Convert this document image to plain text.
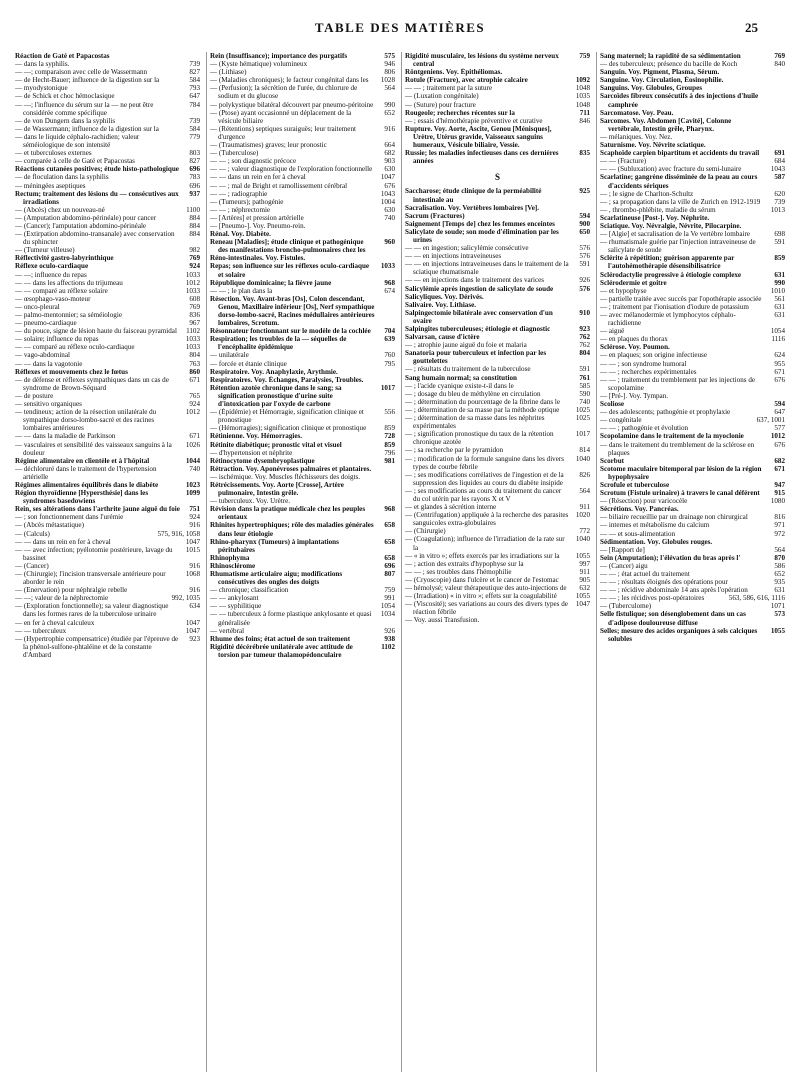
TABLE DES MATIÈRES	25
Réaction de Gaté et Papacostas
— dans la syphilis.	739
— —; comparaison avec celle de Wassermann	827
— de Hecht-Bauer; influence de la digestion sur la	584
— myodystonique	793
— de Schick et choc hémoclasique	647
— —; l'influence du sérum sur la — ne peut être considérée comme spécifique
784
— de von Dungern dans la syphilis	739
— de Wassermann; influence de la digestion sur la	584
— dans le liquide céphalo-rachidien; valeur séméiologique de son intensité
779
— et tuberculoses externes	803
— comparée à celle de Gaté et Papacostas	827
Réactions cutanées positives; étude histo-pathologique 696
— de floculation dans la syphilis	783
— méningées aseptiques	696
Rectum; traitement des lésions du — consécutives aux irradiations
937
— (Abcès) chez un nouveau-né	1100
— (Amputation abdomino-périnéale) pour cancer	884
— (Cancer); l'amputation abdomino-périnéale	884
— (Extirpation abdomino-transanale) avec conservation du sphincter
884
— (Tumeur villeuse)	982
Réflectivité gastro-labyrinthique	769
Réflexe oculo-cardiaque	924
— —; influence du repas	1033
— — dans les affections du trijumeau	1012
— — comparé au réflexe solaire	1033
— œsophago-vaso-moteur	608
— onco-pleural	769
— palmo-mentonnier; sa séméiologie	836
— pneumo-cardiaque	967
— du pouce, signe de lésion haute du faisceau pyramidal 1102
— solaire; influence du repas	1033
— — comparé au réflexe oculo-cardiaque	1033
— vago-abdominal	804
— — dans la vagotonie	763
Réflexes et mouvements chez le fœtus	860
— de défense et réflexes sympathiques dans un cas de syndrome de Brown-Séquard
671
— de posture	765
— sensitivo organiques	924
— tendineux; action de la résection unilatérale du sympathique dorso-lombo-sacré et des racines lombaires antérieures
1012
— — dans la maladie de Parkinson	671
— vasculaires et sensibilité des vaisseaux sanguins à la douleur
1026
Régime alimentaire en clientèle et à l'hôpital	1044
— déchloruré dans le traitement de l'hypertension artérielle
740
Régimes alimentaires équilibrés dans le diabète	1023
Région thyroïdienne [Hypersthésie] dans les syndromes basedowiens
1099
Rein, ses altérations dans l'arthrite jaune aiguë du foie 751
— ; son fonctionnement dans l'urémie	924
— (Abcès métastatique)	916
— (Calculs)	575, 916, 1058
— — dans un rein en fer à cheval	1047
— — avec infection; pyélotomie postérieure, lavage du bassinet
1015
— (Cancer)	916
— (Chirurgie); l'incision transversale antérieure pour aborder le rein
1068
— (Enervation) pour néphralgie rebelle	916
— —; valeur de la néphrectomie	992, 1035
— (Exploration fonctionnelle); sa valeur diagnostique dans les formes rares de la tuberculose urinaire
634
— en fer à cheval calculeux	1047
— — tuberculeux	1047
— (Hypertrophie compensatrice) étudiée par l'épreuve de la phénol-sulfone-phtaléine et de la constante d'Ambard
923
Rein (Insuffisance); importance des purgatifs	575
— (Kyste hématique) volumineux	946
— (Lithiase)	806
— (Maladies chroniques); le facteur congénital dans les 1028
— (Perfusion); la sécrétion de l'urée, du chlorure de sodium et du glucose
564
— polykystique bilatéral découvert par pneumo-péritoine 990
— (Ptose) ayant occasionné un déplacement de la vésicule biliaire
652
— (Rétentions) septiques suraiguës; leur traitement d'urgence
916
— (Traumatismes) graves; leur pronostic	664
— (Tuberculose)	682
— — ; son diagnostic précoce	903
— — ; valeur diagnostique de l'exploration fonctionnelle 630
— — dans un rein en fer à cheval	1047
— — ; mal de Bright et ramollissement cérébral	676
— — ; radiographie	1043
— (Tumeurs); pathogénie	1004
— — ; néphrectomie	630
— [Artères] et pression artérielle	740
— [Pneumo-]. Voy. Pneumo-rein.
Rénal. Voy. Diabète.
Reneau [Maladies]; étude clinique et pathogénique des manifestations broncho-pulmonaires chez les
960
Réno-intestinales. Voy. Fistules.
Repas; son influence sur les réflexes oculo-cardiaque et solaire
1033
République dominicaine; la fièvre jaune	968
— — ; le plan dans la	674
Résection. Voy. Avant-bras [Os], Colon descendant, Genou, Maxillaire inférieur [Os], Nerf sympathique dorso-lombo-sacré, Racines médullaires antérieures lombaires, Scrotum.
Résonnateur fonctionnant sur le modèle de la cochlée 704
Respiration; les troubles de la — séquelles de l'encéphalite épidémique
639
— unilatérale	760
— forcée et étanie clinique	795
Respiratoire. Voy. Anaphylaxie, Arythmie.
Respiratoires. Voy. Échanges, Paralysies, Troubles.
Rétention azotée chronique dans le sang; sa signification pronostique d'urine suite d'intoxication par l'oxyde de carbone
1017
— (Épidémie) et Hémorragie, signification clinique et pronostique
556
— (Hémorragies); signification clinique et pronostique	859
Rétinienne. Voy. Hémorragies.	728
Rétinite diabétique; pronostic vital et visuel	859
— d'hypertension et néphrite	796
Rétinocytome dysembryoplastique	981
Rétraction. Voy. Aponévroses palmaires et plantaires.
— ischémique. Voy. Muscles fléchisseurs des doigts.
Rétrécissements. Voy. Aorte [Crosse], Artère pulmonaire, Intestin grêle.
— tuberculeux. Voy. Urètre.
Révision dans la pratique médicale chez les peuples orientaux
968
Rhinites hypertrophiques; rôle des maladies générales dans leur étiologie
658
Rhino-pharynx (Tumeurs) à implantations péritubaires
658
Rhinophyma	658
Rhinosclérome	696
Rhumatisme articulaire aigu; modifications consécutives des ongles des doigts
807
— chronique; classification	759
— — ankylosant	991
— — syphilitique	1054
— — tuberculeux à forme plastique ankylosante et quasi généralisée
1034
— vertébral	926
Rhume des foins; état actuel de son traitement	938
Rigidité décérébrée unilatérale avec attitude de torsion par tumeur thalamopédonculaire
1102
Rigidité musculaire, les lésions du système nerveux central
759
Röntgeniens. Voy. Épithéliomas.
Rotule (Fracture), avec atrophie calcaire	1092
— — ; traitement par la suture	1048
— (Luxation congénitale)	1035
— (Suture) pour fracture	1048
Rougeole; recherches récentes sur la	711
— ; essais d'hémothérapie préventive et curative	846
Rupture. Voy. Aorte, Ascite, Genou [Ménisques], Urètre, Utérus gravide, Vaisseaux sanguins humeraux, Vésicule biliaire, Vessie.
Russie; les maladies infectieuses dans ces dernières années
835
S
Saccharose; étude clinique de la perméabilité intestinale au
925
Sacralisation. Voy. Vertèbres lombaires [Ve].
Sacrum (Fractures)	594
Saignement [Temps de] chez les femmes enceintes	900
Salicylate de soude; son mode d'élimination par les urines
650
— — en ingestion; salicylémie consécutive	576
— — en injections intraveineuses	576
— — en injections intraveineuses dans le traitement de la sciatique rhumatismale
591
— — en injections dans le traitement des varices	926
Salicylémie après ingestion de salicylate de soude	576
Salicyliques. Voy. Dérivés.
Salivaire. Voy. Lithiase.
Salpingectomie bilatérale avec conservation d'un ovaire
910
Salpingites tuberculeuses; étiologie et diagnostic	923
Salvarsan, cause d'ictère	762
— ; atrophie jaune aiguë du foie et malaria	762
Sanatoria pour tuberculeux et infection par les gouttelettes
804
— ; résultats du traitement de la tuberculose	591
Sang humain normal; sa constitution	761
— ; l'acide cyanique existe-t-il dans le	585
— ; dosage du bleu de méthylène en circulation	590
— ; détermination du pourcentage de la fibrine dans le	740
— ; détermination de sa masse par la méthode optique 1025
— ; détermination de sa masse dans les néphrites expérimentales
1025
— ; signification pronostique du taux de la rétention chronique azotée
1017
— ; sa recherche par le pyramidon	814
— ; modification de la formule sanguine dans les divers types de courbe fébrile
1040
— ; ses modifications corrélatives de l'ingestion et de la suppression des liquides au cours du diabète insipide
826
— ; ses modifications au cours du traitement du cancer du col utérin par les rayons X et V
564
— et glandes à sécrétion interne	911
— (Centrifugation) appliquée à la recherche des parasites sanguicoles extra-globulaires
1020
— (Chirurgie)	772
— (Coagulation); influence de l'irradiation de la rate sur la
1040
— « in vitro »; effets exercés par les irradiations sur la 1055
— ; action des extraits d'hypophyse sur la	997
— — ; ses troubles dans l'hémophilie	911
— (Cryoscopie) dans l'ulcère et le cancer de l'estomac	905
— hémolysé; valeur thérapeutique des auto-injections de 632
— (Irradiation) « in vitro »; effets sur la coagulabilité	1055
— (Viscosité); ses variations au cours des divers types de réaction fébrile
1047
— Voy. aussi Transfusion.
Sang maternel; la rapidité de sa sédimentation	769
— des tuberculeux; présence du bacille de Koch	840
Sanguin. Voy. Pigment, Plasma, Sérum.
Sanguine. Voy. Circulation, Éosinophilie.
Sanguins. Voy. Globules, Groupes
Sarcoïdes fibreux consécutifs à des injections d'huile camphrée
Sarcomatose. Voy. Peau.
Sarcomes. Voy. Abdomen [Cavité], Colonne vertébrale, Intestin grêle, Pharynx.
— mélaniques. Voy. Nez.
Saturnisme. Voy. Névrite sciatique.
Scaphoïde carpien bipartitum et accidents du travail 691
— — (Fracture)	684
— — (Subluxation) avec fracture du semi-lunaire	1043
Scarlatine; gangrène disséminée de la peau au cours d'accidents sériques
587
— ; le signe de Charlton-Schultz	620
— ; sa propagation dans la ville de Zurich en 1912-1919 739
— , thrombo-phlébite, maladie du sérum	1013
Scarlatineuse [Post-]. Voy. Néphrite.
Sciatique. Voy. Névralgie, Névrite, Pilocarpine.
— [Algie] et sacralisation de la Ve vertèbre lombaire	698
— rhumatismale guérie par l'injection intraveineuse de salicylate de soude
591
Sclérite à répétition; guérison apparente par l'autohémothérapie désensibilisatrice
859
Sclérodactylie progressive à étiologie complexe	631
Sclérodermie et goitre	990
— et hypophyse	1010
— partielle traitée avec succès par l'opothérapie associée 561
— ; traitement par l'ionisation d'iodure de potassium	631
— avec mélanodermie et lymphocytos céphalo-rachidienne
631
— aiguë	1054
— en plaques du thorax	1116
Sclérose. Voy. Poumon.
— en plaques; son origine infectieuse	624
— — ; son syndrome humoral	955
— — ; recherches expérimentales	671
— — ; traitement du tremblement par les injections de scopolamine
676
— [Pré-]. Voy. Tympan.
Scoliose	594
— des adolescents; pathogénie et prophylaxie	647
— congénitale	637, 1001
— — ; pathogénie et évolution	577
Scopolamine dans le traitement de la myoclonie	1012
— dans le traitement du tremblement de la sclérose en plaques
676
Scorbut	682
Scotome maculaire bitemporal par lésion de la région hypophysaire
671
Scrofule et tuberculose	947
Scrotum (Fistule urinaire) à travers le canal déférent 915
— (Résection) pour varicocèle	1080
Sécrétions. Voy. Pancréas.
— biliaire recueillie par un drainage non chirurgical	816
— internes et métabolisme du calcium	971
— — et sous-alimentation	972
Sédimentation. Voy. Globules rouges.
— [Rapport de]	564
Sein (Amputation); l'élévation du bras après l'	870
— (Cancer) aigu	586
— — ; état actuel du traitement	652
— — ; résultats éloignés des opérations pour	935
— — ; récidive abdominale 14 ans après l'opération	631
— — ; les récidives post-opératoires	563, 586, 616, 1116
— (Tuberculome)	1071
Selle fistulique; son désenglobement dans un cas d'adipose douloureuse diffuse
573
Selles; mesure des acides organiques à sels calciques solubles
1055
